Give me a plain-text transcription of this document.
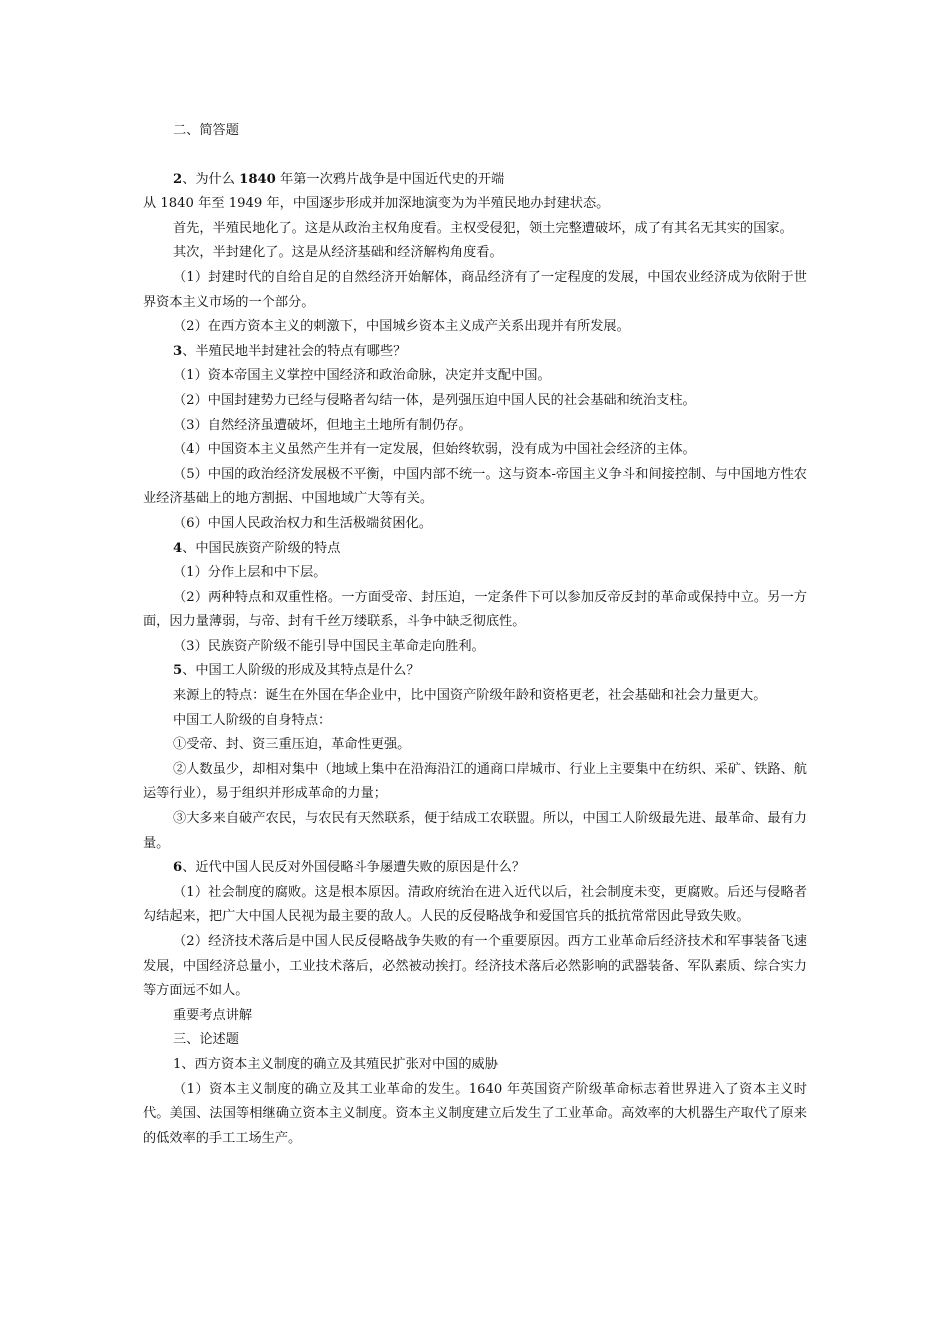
二、简答题

2、为什么 1840 年第一次鸦片战争是中国近代史的开端

从 1840 年至 1949 年，中国逐步形成并加深地演变为为半殖民地办封建状态。

首先，半殖民地化了。这是从政治主权角度看。主权受侵犯，领土完整遭破坏，成了有其名无其实的国家。

其次，半封建化了。这是从经济基础和经济解构角度看。

（1）封建时代的自给自足的自然经济开始解体，商品经济有了一定程度的发展，中国农业经济成为依附于世界资本主义市场的一个部分。

（2）在西方资本主义的刺激下，中国城乡资本主义成产关系出现并有所发展。

3、半殖民地半封建社会的特点有哪些？

（1）资本帝国主义掌控中国经济和政治命脉，决定并支配中国。

（2）中国封建势力已经与侵略者勾结一体，是列强压迫中国人民的社会基础和统治支柱。

（3）自然经济虽遭破坏，但地主土地所有制仍存。

（4）中国资本主义虽然产生并有一定发展，但始终软弱，没有成为中国社会经济的主体。

（5）中国的政治经济发展极不平衡，中国内部不统一。这与资本-帝国主义争斗和间接控制、与中国地方性农业经济基础上的地方割据、中国地域广大等有关。

（6）中国人民政治权力和生活极端贫困化。

4、中国民族资产阶级的特点

（1）分作上层和中下层。

（2）两种特点和双重性格。一方面受帝、封压迫，一定条件下可以参加反帝反封的革命或保持中立。另一方面，因力量薄弱，与帝、封有千丝万缕联系，斗争中缺乏彻底性。

（3）民族资产阶级不能引导中国民主革命走向胜利。

5、中国工人阶级的形成及其特点是什么？

来源上的特点：诞生在外国在华企业中，比中国资产阶级年龄和资格更老，社会基础和社会力量更大。

中国工人阶级的自身特点：

①受帝、封、资三重压迫，革命性更强。

②人数虽少，却相对集中（地域上集中在沿海沿江的通商口岸城市、行业上主要集中在纺织、采矿、铁路、航运等行业），易于组织并形成革命的力量；

③大多来自破产农民，与农民有天然联系，便于结成工农联盟。所以，中国工人阶级最先进、最革命、最有力量。

6、近代中国人民反对外国侵略斗争屡遭失败的原因是什么？

（1）社会制度的腐败。这是根本原因。清政府统治在进入近代以后，社会制度未变，更腐败。后还与侵略者勾结起来，把广大中国人民视为最主要的敌人。人民的反侵略战争和爱国官兵的抵抗常常因此导致失败。

（2）经济技术落后是中国人民反侵略战争失败的有一个重要原因。西方工业革命后经济技术和军事装备飞速发展，中国经济总量小，工业技术落后，必然被动挨打。经济技术落后必然影响的武器装备、军队素质、综合实力等方面远不如人。

重要考点讲解

三、论述题

1、西方资本主义制度的确立及其殖民扩张对中国的威胁

（1）资本主义制度的确立及其工业革命的发生。1640 年英国资产阶级革命标志着世界进入了资本主义时代。美国、法国等相继确立资本主义制度。资本主义制度建立后发生了工业革命。高效率的大机器生产取代了原来的低效率的手工工场生产。
